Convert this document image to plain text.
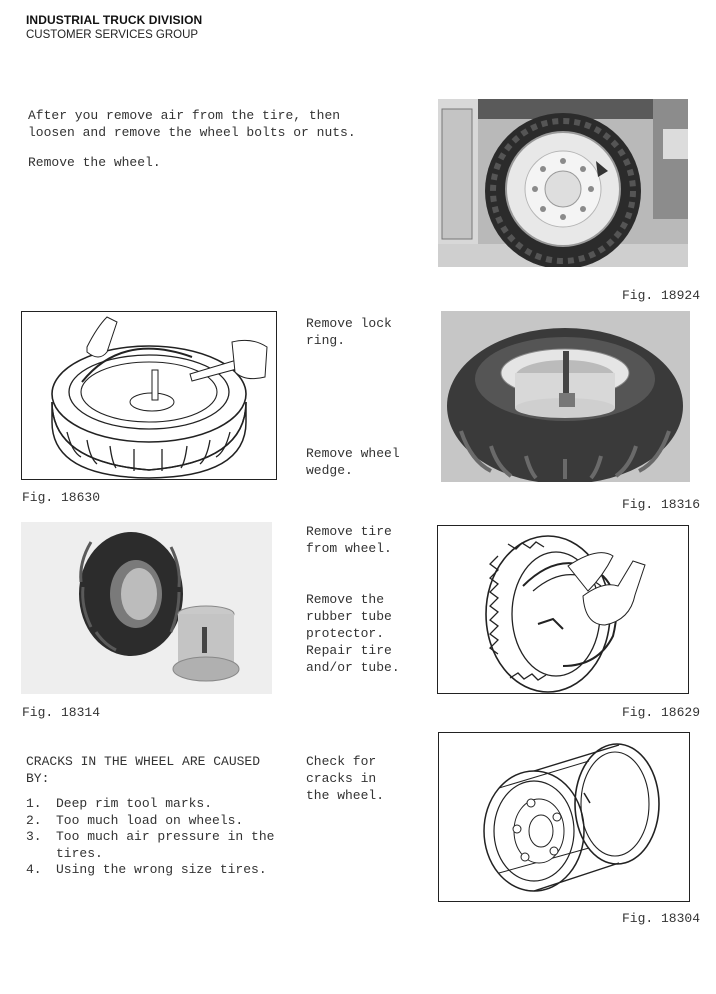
INDUSTRIAL TRUCK DIVISION
CUSTOMER SERVICES GROUP
After you remove air from the tire, then
loosen and remove the wheel bolts or nuts.
Remove the wheel.
Fig. 18924
Fig. 18630
Remove lock
ring.
Remove wheel
wedge.
Fig. 18316
Fig. 18314
Remove tire
from wheel.
Remove the
rubber tube
protector.
Repair tire
and/or tube.
Fig. 18629
CRACKS IN THE WHEEL ARE CAUSED
BY:
1. Deep rim tool marks.
2. Too much load on wheels.
3. Too much air pressure in the tires.
4. Using the wrong size tires.
Check for
cracks in
the wheel.
Fig. 18304
